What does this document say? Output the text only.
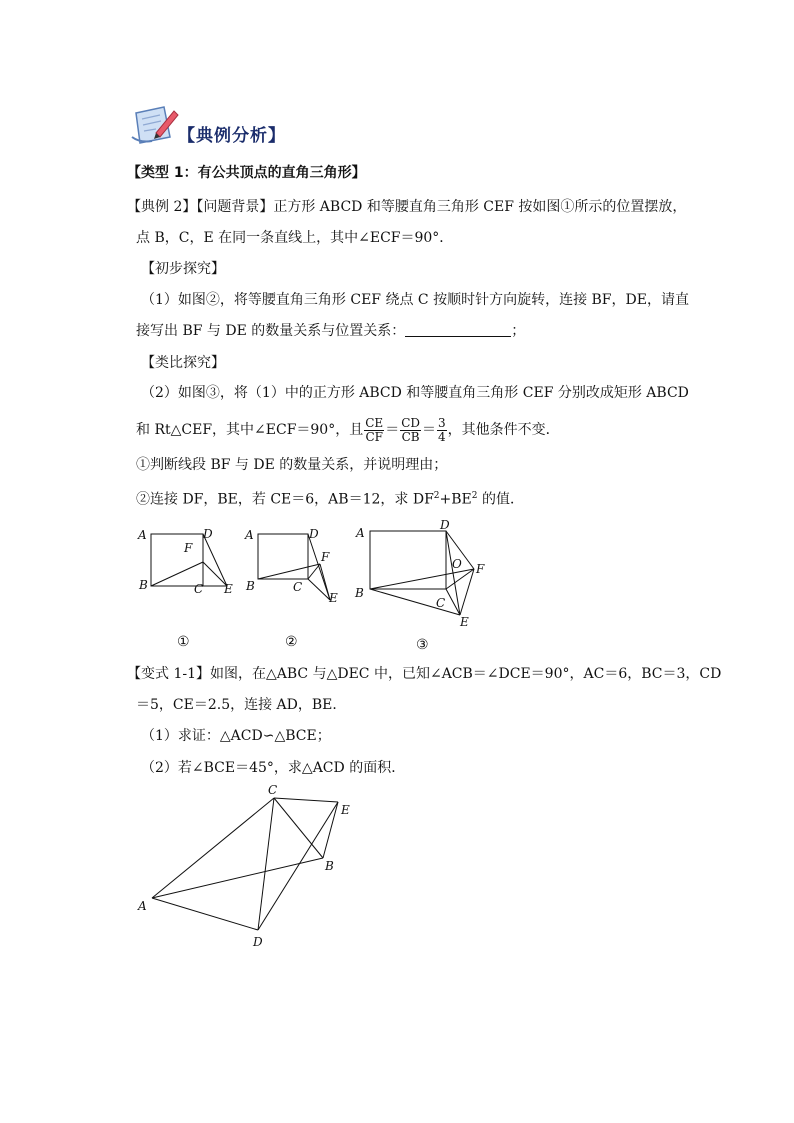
【典例分析】
【类型 1：有公共顶点的直角三角形】
【典例 2】【问题背景】正方形 ABCD 和等腰直角三角形 CEF 按如图①所示的位置摆放，
点 B，C，E 在同一条直线上，其中∠ECF＝90°．
【初步探究】
（1）如图②，将等腰直角三角形 CEF 绕点 C 按顺时针方向旋转，连接 BF，DE，请直
接写出 BF 与 DE 的数量关系与位置关系：	；
【类比探究】
（2）如图③，将（1）中的正方形 ABCD 和等腰直角三角形 CEF 分别改成矩形 ABCD
和 Rt△CEF，其中∠ECF＝90°，且 $\frac{CE}{CF} = \frac{CD}{CB} = \frac{3}{4}$ ，其他条件不变．
①判断线段 BF 与 DE 的数量关系，并说明理由；
②连接 DF，BE，若 CE＝6，AB＝12，求 $DF^2+BE^2$ 的值．
A	D
F
B	C E
①
A	D
F
B	C
E
②
A
D
O F
B
C
E
③
【变式 1-1】如图，在△ABC 与△DEC 中，已知∠ACB＝∠DCE＝90°，AC＝6，BC＝3，CD
＝5，CE＝2.5，连接 AD，BE．
（1）求证：△ACD∽△BCE；
（2）若∠BCE＝45°，求△ACD 的面积．
C
E
B
A
D
